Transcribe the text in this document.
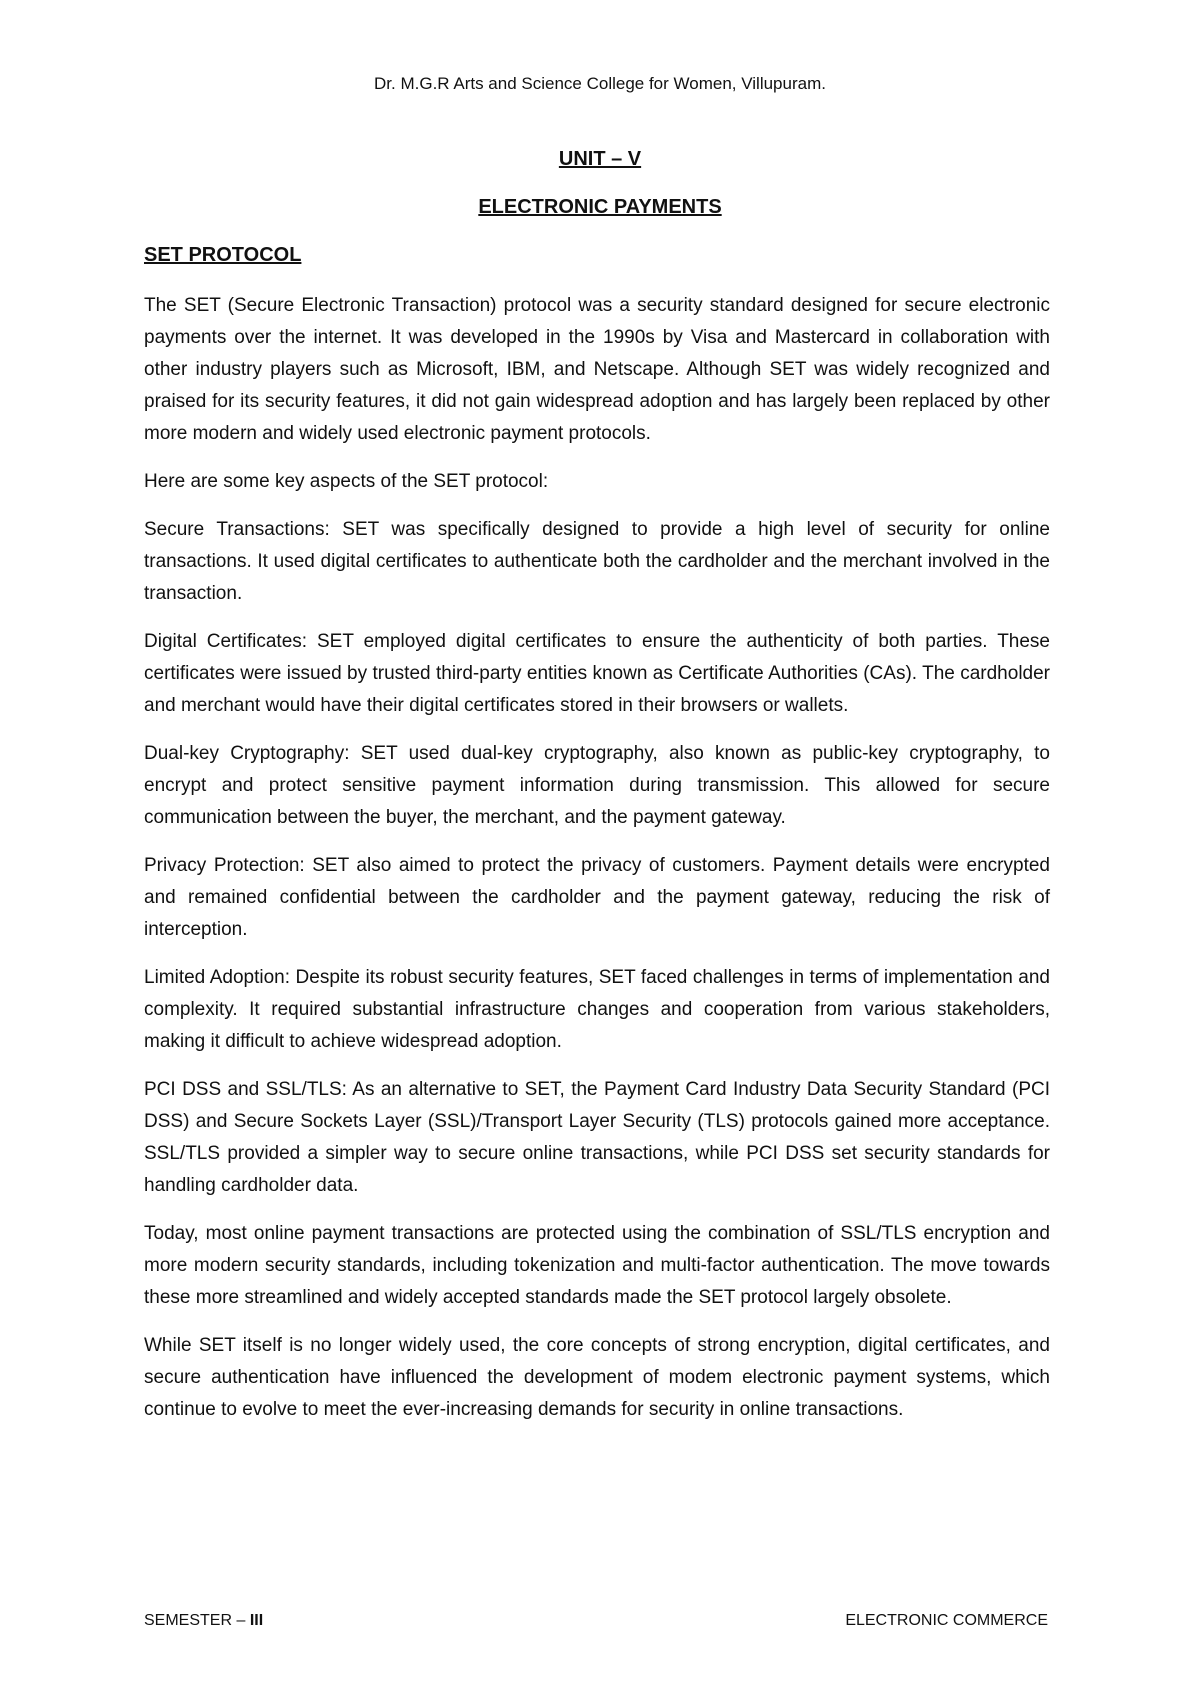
Dr. M.G.R Arts and Science College for Women, Villupuram.
UNIT – V
ELECTRONIC PAYMENTS
SET PROTOCOL

The SET (Secure Electronic Transaction) protocol was a security standard designed for secure electronic payments over the internet. It was developed in the 1990s by Visa and Mastercard in collaboration with other industry players such as Microsoft, IBM, and Netscape. Although SET was widely recognized and praised for its security features, it did not gain widespread adoption and has largely been replaced by other more modern and widely used electronic payment protocols.

Here are some key aspects of the SET protocol:

Secure Transactions: SET was specifically designed to provide a high level of security for online transactions. It used digital certificates to authenticate both the cardholder and the merchant involved in the transaction.

Digital Certificates: SET employed digital certificates to ensure the authenticity of both parties. These certificates were issued by trusted third-party entities known as Certificate Authorities (CAs). The cardholder and merchant would have their digital certificates stored in their browsers or wallets.

Dual-key Cryptography: SET used dual-key cryptography, also known as public-key cryptography, to encrypt and protect sensitive payment information during transmission. This allowed for secure communication between the buyer, the merchant, and the payment gateway.

Privacy Protection: SET also aimed to protect the privacy of customers. Payment details were encrypted and remained confidential between the cardholder and the payment gateway, reducing the risk of interception.

Limited Adoption: Despite its robust security features, SET faced challenges in terms of implementation and complexity. It required substantial infrastructure changes and cooperation from various stakeholders, making it difficult to achieve widespread adoption.

PCI DSS and SSL/TLS: As an alternative to SET, the Payment Card Industry Data Security Standard (PCI DSS) and Secure Sockets Layer (SSL)/Transport Layer Security (TLS) protocols gained more acceptance. SSL/TLS provided a simpler way to secure online transactions, while PCI DSS set security standards for handling cardholder data.

Today, most online payment transactions are protected using the combination of SSL/TLS encryption and more modern security standards, including tokenization and multi-factor authentication. The move towards these more streamlined and widely accepted standards made the SET protocol largely obsolete.

While SET itself is no longer widely used, the core concepts of strong encryption, digital certificates, and secure authentication have influenced the development of modem electronic payment systems, which continue to evolve to meet the ever-increasing demands for security in online transactions.

SEMESTER – III	ELECTRONIC COMMERCE
